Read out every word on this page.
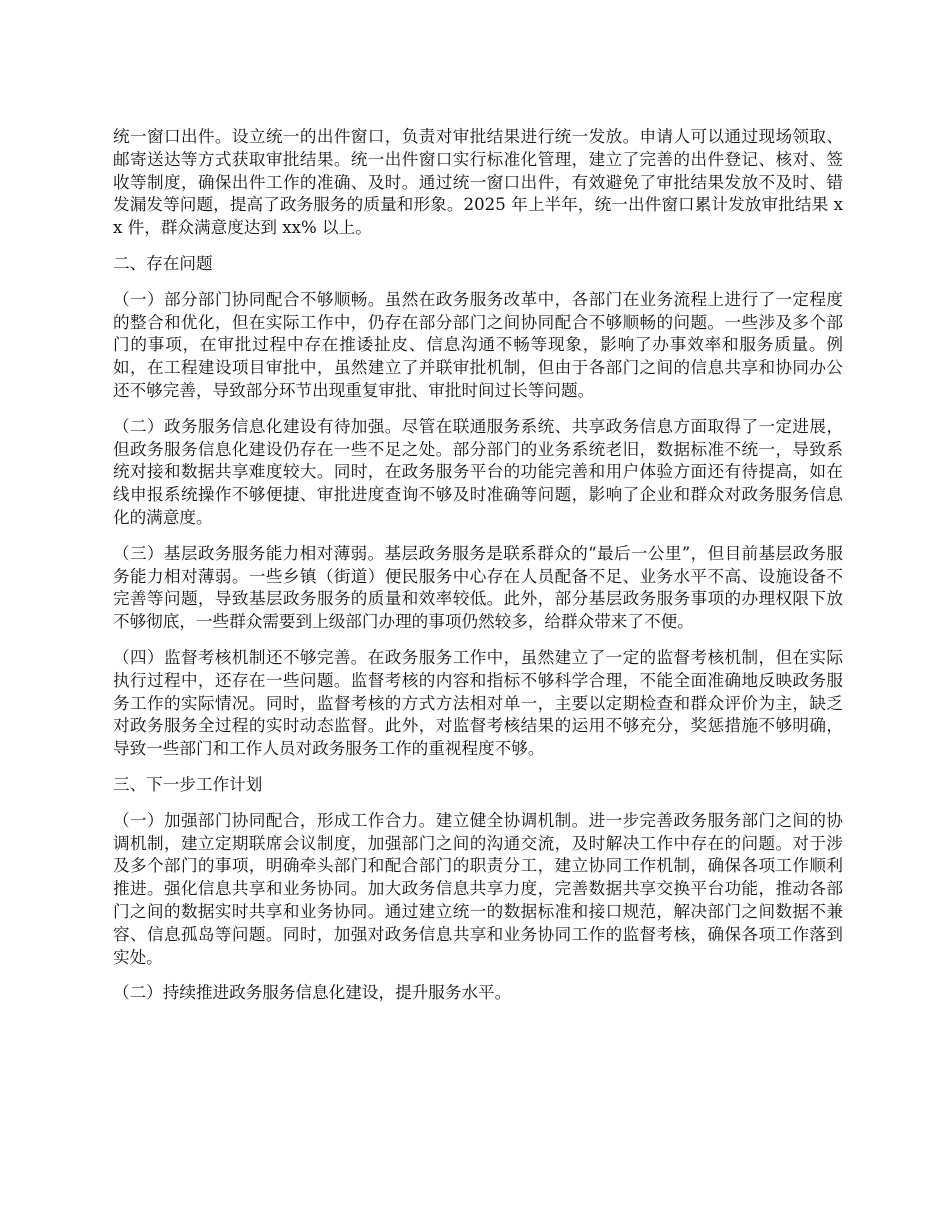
统一窗口出件。设立统一的出件窗口，负责对审批结果进行统一发放。申请人可以通过现场领取、邮寄送达等方式获取审批结果。统一出件窗口实行标准化管理，建立了完善的出件登记、核对、签收等制度，确保出件工作的准确、及时。通过统一窗口出件，有效避免了审批结果发放不及时、错发漏发等问题，提高了政务服务的质量和形象。2025 年上半年，统一出件窗口累计发放审批结果 xx 件，群众满意度达到 xx% 以上。

二、存在问题

（一）部分部门协同配合不够顺畅。虽然在政务服务改革中，各部门在业务流程上进行了一定程度的整合和优化，但在实际工作中，仍存在部分部门之间协同配合不够顺畅的问题。一些涉及多个部门的事项，在审批过程中存在推诿扯皮、信息沟通不畅等现象，影响了办事效率和服务质量。例如，在工程建设项目审批中，虽然建立了并联审批机制，但由于各部门之间的信息共享和协同办公还不够完善，导致部分环节出现重复审批、审批时间过长等问题。

（二）政务服务信息化建设有待加强。尽管在联通服务系统、共享政务信息方面取得了一定进展，但政务服务信息化建设仍存在一些不足之处。部分部门的业务系统老旧，数据标准不统一，导致系统对接和数据共享难度较大。同时，在政务服务平台的功能完善和用户体验方面还有待提高，如在线申报系统操作不够便捷、审批进度查询不够及时准确等问题，影响了企业和群众对政务服务信息化的满意度。

（三）基层政务服务能力相对薄弱。基层政务服务是联系群众的“最后一公里”，但目前基层政务服务能力相对薄弱。一些乡镇（街道）便民服务中心存在人员配备不足、业务水平不高、设施设备不完善等问题，导致基层政务服务的质量和效率较低。此外，部分基层政务服务事项的办理权限下放不够彻底，一些群众需要到上级部门办理的事项仍然较多，给群众带来了不便。

（四）监督考核机制还不够完善。在政务服务工作中，虽然建立了一定的监督考核机制，但在实际执行过程中，还存在一些问题。监督考核的内容和指标不够科学合理，不能全面准确地反映政务服务工作的实际情况。同时，监督考核的方式方法相对单一，主要以定期检查和群众评价为主，缺乏对政务服务全过程的实时动态监督。此外，对监督考核结果的运用不够充分，奖惩措施不够明确，导致一些部门和工作人员对政务服务工作的重视程度不够。

三、下一步工作计划

（一）加强部门协同配合，形成工作合力。建立健全协调机制。进一步完善政务服务部门之间的协调机制，建立定期联席会议制度，加强部门之间的沟通交流，及时解决工作中存在的问题。对于涉及多个部门的事项，明确牵头部门和配合部门的职责分工，建立协同工作机制，确保各项工作顺利推进。强化信息共享和业务协同。加大政务信息共享力度，完善数据共享交换平台功能，推动各部门之间的数据实时共享和业务协同。通过建立统一的数据标准和接口规范，解决部门之间数据不兼容、信息孤岛等问题。同时，加强对政务信息共享和业务协同工作的监督考核，确保各项工作落到实处。

（二）持续推进政务服务信息化建设，提升服务水平。
